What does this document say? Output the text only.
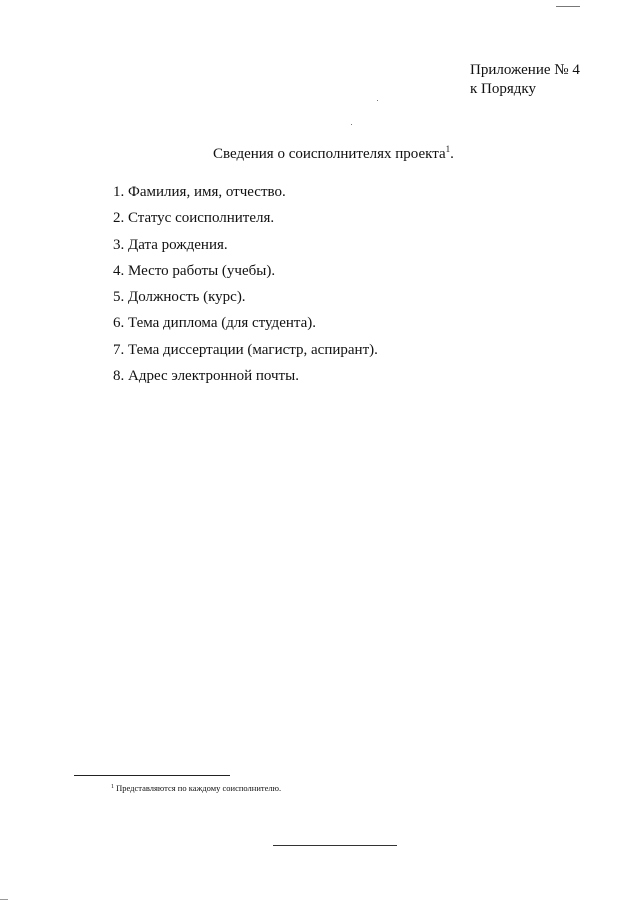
Приложение № 4
к Порядку
Сведения о соисполнителях проекта$^1$.
1. Фамилия, имя, отчество.
2. Статус соисполнителя.
3. Дата рождения.
4. Место работы (учебы).
5. Должность (курс).
6. Тема диплома (для студента).
7. Тема диссертации (магистр, аспирант).
8. Адрес электронной почты.
$^1$ Представляются по каждому соисполнителю.
